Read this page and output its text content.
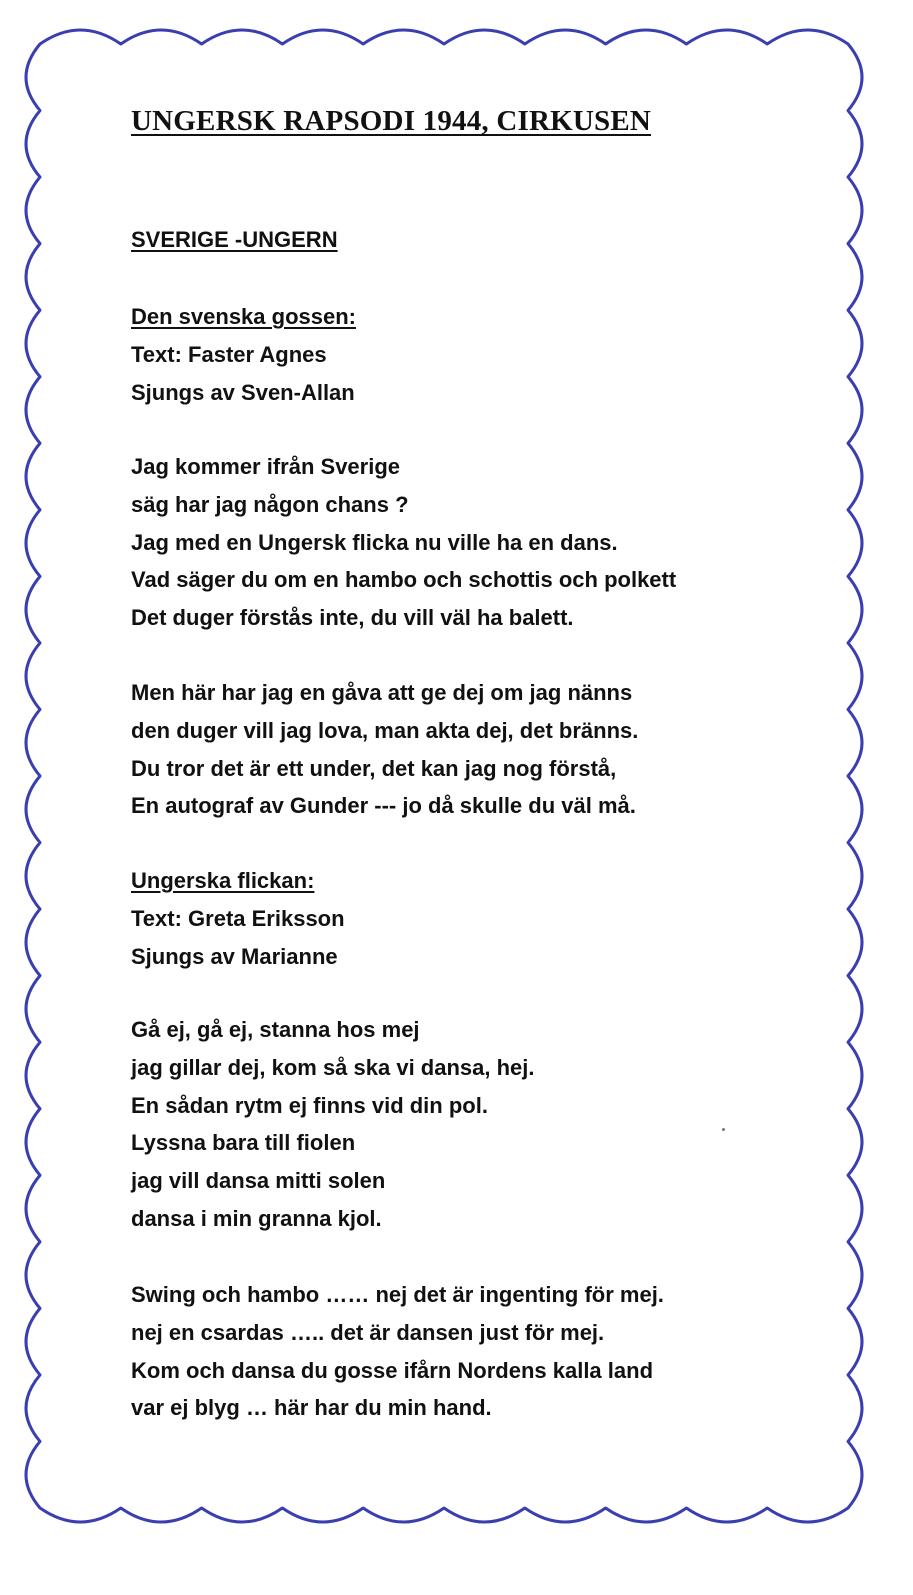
UNGERSK RAPSODI 1944, CIRKUSEN
SVERIGE -UNGERN

Den svenska gossen:

Text: Faster Agnes

Sjungs av Sven-Allan

Jag kommer ifrån Sverige

säg har jag någon chans ?

Jag med en Ungersk flicka nu ville ha en dans.

Vad säger du om en hambo och schottis och polkett

Det duger förstås inte, du vill väl ha balett.

Men här har jag en gåva att ge dej om jag nänns

den duger vill jag lova, man akta dej, det bränns.

Du tror det är ett under, det kan jag nog förstå,

En autograf av Gunder --- jo då skulle du väl må.

Ungerska flickan:

Text: Greta Eriksson

Sjungs av Marianne

Gå ej, gå ej, stanna hos mej

jag gillar dej, kom så ska vi dansa, hej.

En sådan rytm ej finns vid din pol.

Lyssna bara till fiolen

jag vill dansa mitti solen

dansa i min granna kjol.

Swing och hambo …… nej det är ingenting för mej.

nej en csardas ….. det är dansen just för mej.

Kom och dansa du gosse ifårn Nordens kalla land

var ej blyg … här har du min hand.
